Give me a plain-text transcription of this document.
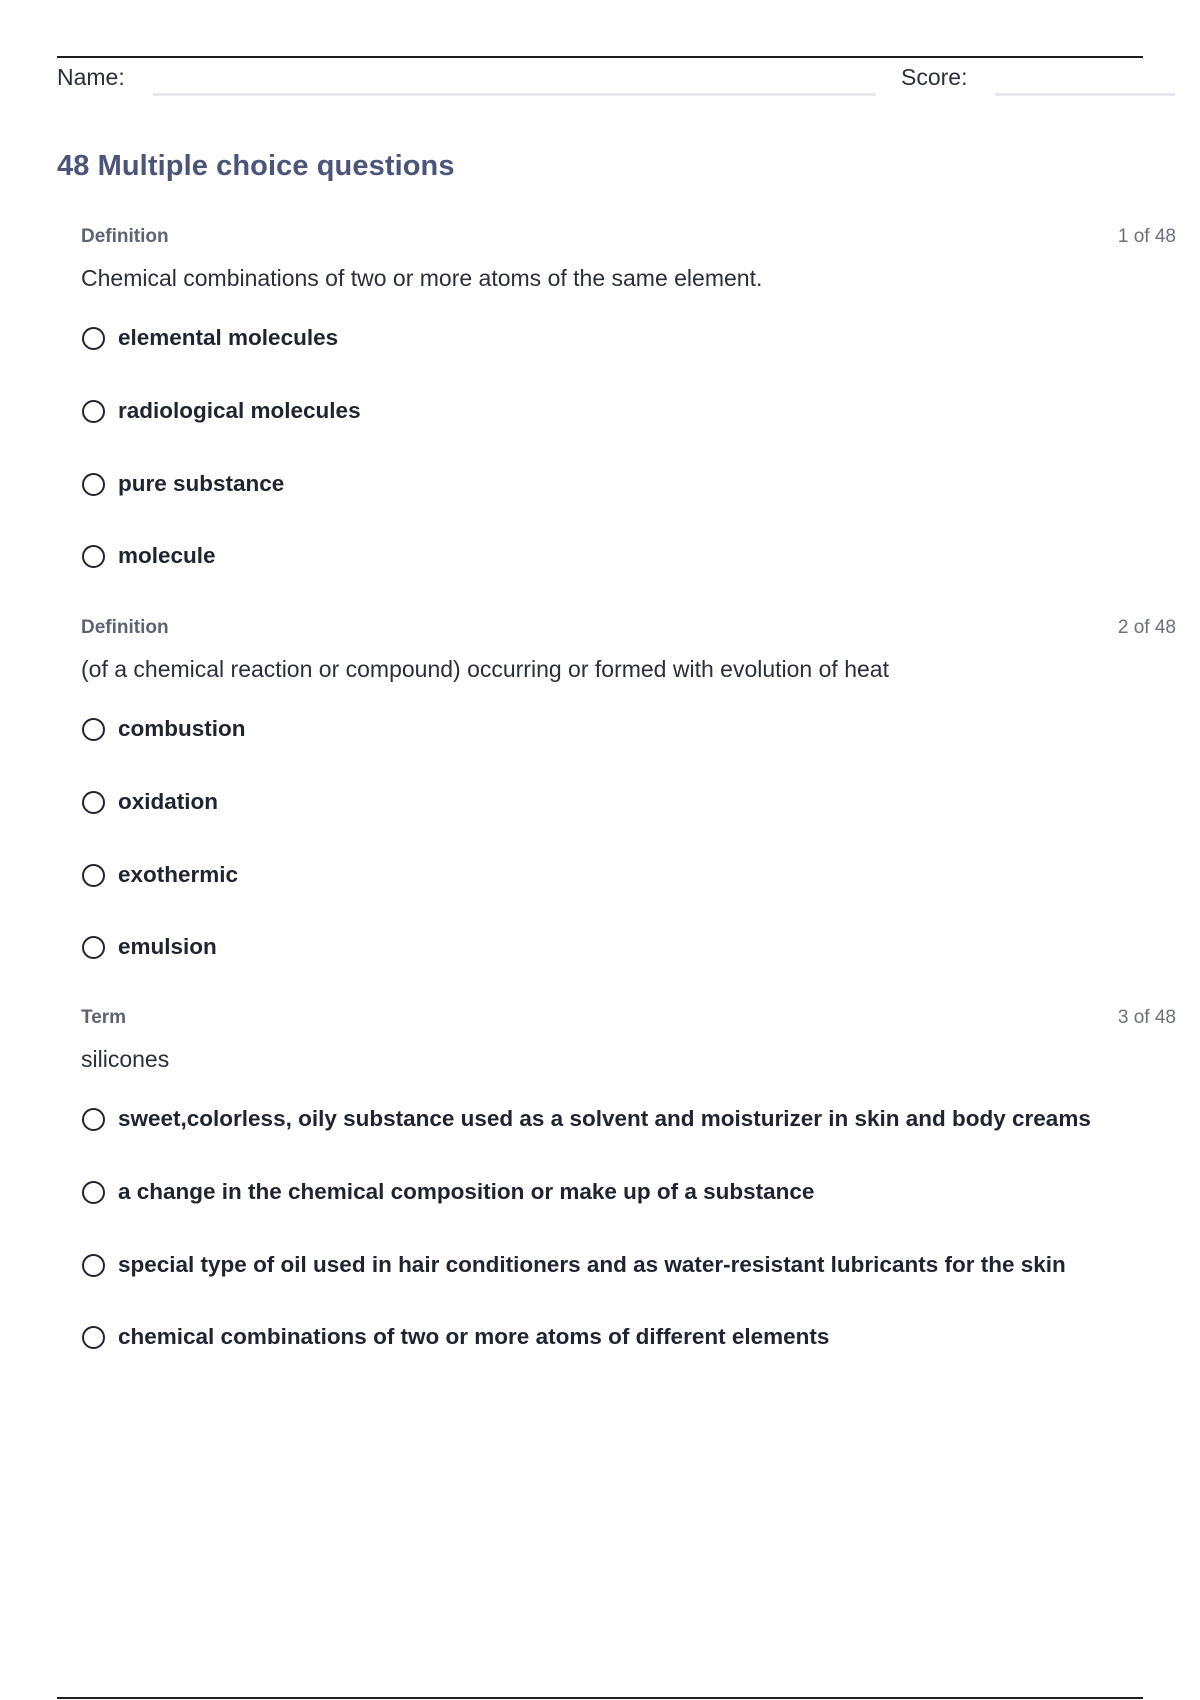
Name:	Score:
48 Multiple choice questions
Definition	1 of 48
Chemical combinations of two or more atoms of the same element.
elemental molecules
radiological molecules
pure substance
molecule
Definition	2 of 48
(of a chemical reaction or compound) occurring or formed with evolution of heat
combustion
oxidation
exothermic
emulsion
Term	3 of 48
silicones
sweet,colorless, oily substance used as a solvent and moisturizer in skin and body creams
a change in the chemical composition or make up of a substance
special type of oil used in hair conditioners and as water-resistant lubricants for the skin
chemical combinations of two or more atoms of different elements
